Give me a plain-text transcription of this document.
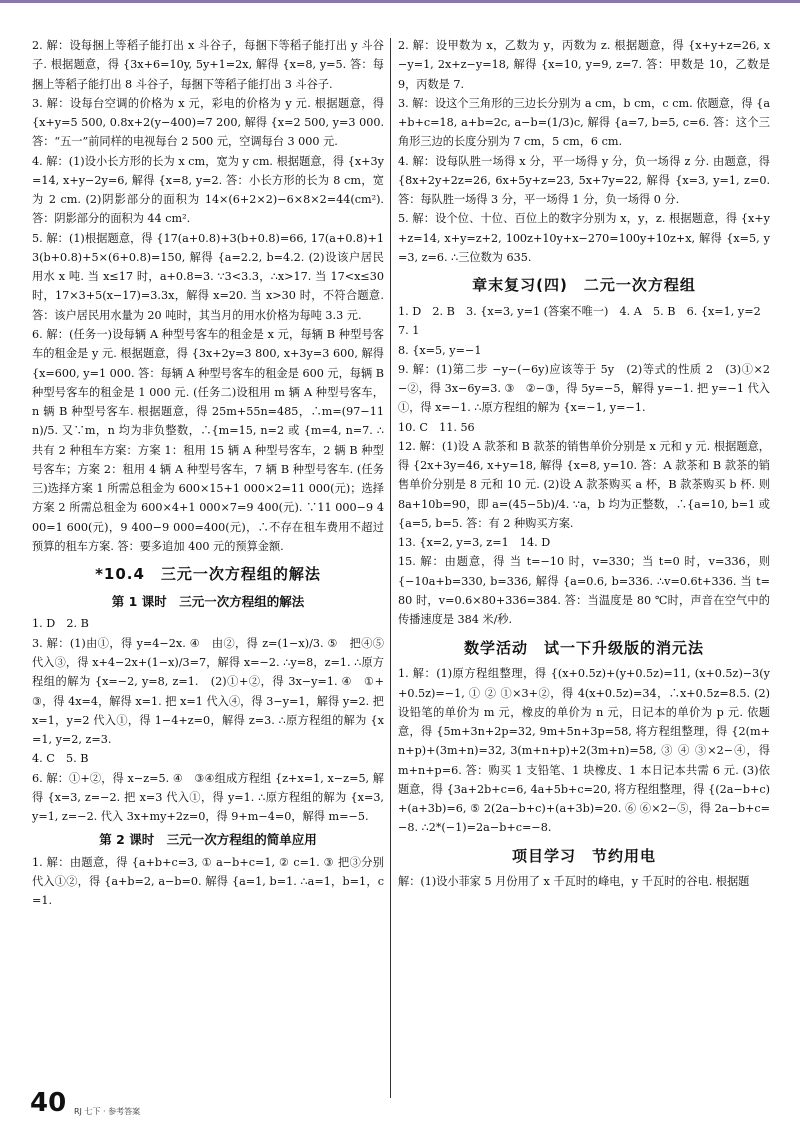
2. 解：设每捆上等稻子能打出 x 斗谷子，每捆下等稻子能打出 y 斗谷子. 根据题意，得 {3x+6=10y, 5y+1=2x, 解得 {x=8, y=5. 答：每捆上等稻子能打出 8 斗谷子，每捆下等稻子能打出 3 斗谷子.
3. 解：设每台空调的价格为 x 元，彩电的价格为 y 元. 根据题意，得 {x+y=5 500, 0.8x+2(y−400)=7 200, 解得 {x=2 500, y=3 000. 答：“五一”前同样的电视每台 2 500 元，空调每台 3 000 元.
4. 解：(1)设小长方形的长为 x cm，宽为 y cm. 根据题意，得 {x+3y=14, x+y−2y=6, 解得 {x=8, y=2. 答：小长方形的长为 8 cm，宽为 2 cm. (2)阴影部分的面积为 14×(6+2×2)−6×8×2=44(cm²). 答：阴影部分的面积为 44 cm².
5. 解：(1)根据题意，得 {17(a+0.8)+3(b+0.8)=66, 17(a+0.8)+13(b+0.8)+5×(6+0.8)=150, 解得 {a=2.2, b=4.2. (2)设该户居民用水 x 吨. 当 x≤17 时，a+0.8=3. ∵3<3.3，∴x>17. 当 17<x≤30 时，17×3+5(x−17)=3.3x，解得 x=20. 当 x>30 时，不符合题意. 答：该户居民用水量为 20 吨时，其当月的用水价格为每吨 3.3 元.
6. 解：(任务一)设每辆 A 种型号客车的租金是 x 元，每辆 B 种型号客车的租金是 y 元. 根据题意，得 {3x+2y=3 800, x+3y=3 600, 解得 {x=600, y=1 000. 答：每辆 A 种型号客车的租金是 600 元，每辆 B 种型号客车的租金是 1 000 元. (任务二)设租用 m 辆 A 种型号客车，n 辆 B 种型号客车. 根据题意，得 25m+55n=485，∴m=(97−11n)/5. 又∵m，n 均为非负整数，∴{m=15, n=2 或 {m=4, n=7. ∴共有 2 种租车方案：方案 1：租用 15 辆 A 种型号客车，2 辆 B 种型号客车；方案 2：租用 4 辆 A 种型号客车，7 辆 B 种型号客车. (任务三)选择方案 1 所需总租金为 600×15+1 000×2=11 000(元)；选择方案 2 所需总租金为 600×4+1 000×7=9 400(元). ∵11 000−9 400=1 600(元)，9 400−9 000=400(元)，∴不存在租车费用不超过预算的租车方案. 答：要多追加 400 元的预算金额.
*10.4　三元一次方程组的解法
第 1 课时　三元一次方程组的解法
1. D　2. B
3. 解：(1)由①，得 y=4−2x. ④　由②，得 z=(1−x)/3. ⑤　把④⑤代入③，得 x+4−2x+(1−x)/3=7，解得 x=−2. ∴y=8，z=1. ∴原方程组的解为 {x=−2, y=8, z=1.　(2)①+②，得 3x−y=1. ④　①+③，得 4x=4，解得 x=1. 把 x=1 代入④，得 3−y=1，解得 y=2. 把 x=1，y=2 代入①，得 1−4+z=0，解得 z=3. ∴原方程组的解为 {x=1, y=2, z=3.
4. C　5. B
6. 解：①+②，得 x−z=5. ④　③④组成方程组 {z+x=1, x−z=5, 解得 {x=3, z=−2. 把 x=3 代入①，得 y=1. ∴原方程组的解为 {x=3, y=1, z=−2. 代入 3x+my+2z=0，得 9+m−4=0，解得 m=−5.
第 2 课时　三元一次方程组的简单应用
1. 解：由题意，得 {a+b+c=3, ① a−b+c=1, ② c=1. ③ 把③分别代入①②，得 {a+b=2, a−b=0. 解得 {a=1, b=1. ∴a=1，b=1，c=1.
2. 解：设甲数为 x，乙数为 y，丙数为 z. 根据题意，得 {x+y+z=26, x−y=1, 2x+z−y=18, 解得 {x=10, y=9, z=7. 答：甲数是 10，乙数是 9，丙数是 7.
3. 解：设这个三角形的三边长分别为 a cm，b cm，c cm. 依题意，得 {a+b+c=18, a+b=2c, a−b=(1/3)c, 解得 {a=7, b=5, c=6. 答：这个三角形三边的长度分别为 7 cm，5 cm，6 cm.
4. 解：设每队胜一场得 x 分，平一场得 y 分，负一场得 z 分. 由题意，得 {8x+2y+2z=26, 6x+5y+z=23, 5x+7y=22, 解得 {x=3, y=1, z=0. 答：每队胜一场得 3 分，平一场得 1 分，负一场得 0 分.
5. 解：设个位、十位、百位上的数字分别为 x，y，z. 根据题意，得 {x+y+z=14, x+y=z+2, 100z+10y+x−270=100y+10z+x, 解得 {x=5, y=3, z=6. ∴三位数为 635.
章末复习(四)　二元一次方程组
1. D　2. B　3. {x=3, y=1 (答案不唯一)　4. A　5. B　6. {x=1, y=2　7. 1
8. {x=5, y=−1
9. 解：(1)第二步 −y−(−6y)应该等于 5y　(2)等式的性质 2　(3)①×2−②，得 3x−6y=3. ③　②−③，得 5y=−5，解得 y=−1. 把 y=−1 代入①，得 x=−1. ∴原方程组的解为 {x=−1, y=−1.
10. C　11. 56
12. 解：(1)设 A 款茶和 B 款茶的销售单价分别是 x 元和 y 元. 根据题意，得 {2x+3y=46, x+y=18, 解得 {x=8, y=10. 答：A 款茶和 B 款茶的销售单价分别是 8 元和 10 元. (2)设 A 款茶购买 a 杯，B 款茶购买 b 杯. 则 8a+10b=90，即 a=(45−5b)/4. ∵a，b 均为正整数，∴{a=10, b=1 或 {a=5, b=5. 答：有 2 种购买方案.
13. {x=2, y=3, z=1　14. D
15. 解：由题意，得 当 t=−10 时，v=330；当 t=0 时，v=336，则 {−10a+b=330, b=336, 解得 {a=0.6, b=336. ∴v=0.6t+336. 当 t=80 时，v=0.6×80+336=384. 答：当温度是 80 ℃时，声音在空气中的传播速度是 384 米/秒.
数学活动　试一下升级版的消元法
1. 解：(1)原方程组整理，得 {(x+0.5z)+(y+0.5z)=11, (x+0.5z)−3(y+0.5z)=−1, ① ② ①×3+②，得 4(x+0.5z)=34，∴x+0.5z=8.5. (2)设铅笔的单价为 m 元，橡皮的单价为 n 元，日记本的单价为 p 元. 依题意，得 {5m+3n+2p=32, 9m+5n+3p=58, 将方程组整理，得 {2(m+n+p)+(3m+n)=32, 3(m+n+p)+2(3m+n)=58, ③ ④ ③×2−④，得 m+n+p=6. 答：购买 1 支铅笔、1 块橡皮、1 本日记本共需 6 元. (3)依题意，得 {3a+2b+c=6, 4a+5b+c=20, 将方程组整理，得 {(2a−b+c)+(a+3b)=6, ⑤ 2(2a−b+c)+(a+3b)=20. ⑥ ⑥×2−⑤，得 2a−b+c=−8. ∴2*(−1)=2a−b+c=−8.
项目学习　节约用电
解：(1)设小菲家 5 月份用了 x 千瓦时的峰电，y 千瓦时的谷电. 根据题
40 RJ 七下 · 参考答案
